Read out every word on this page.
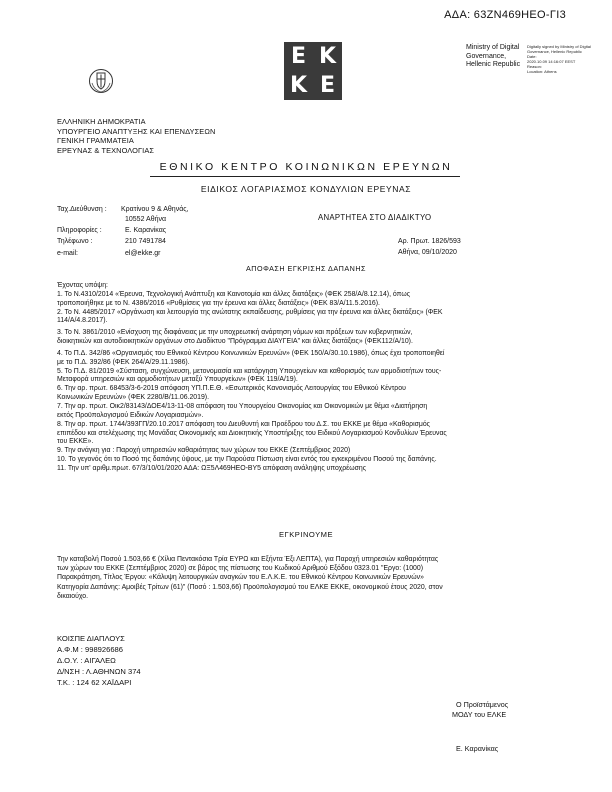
ΑΔΑ: 63ΖΝ469ΗΕΟ-ΓΙ3
E K
K E
Ministry of Digital
Governance,
Hellenic Republic
Digitally signed by Ministry of Digital
Governance, Hellenic Republic
Date:
2020.10.09 14:16:07 EEST
Reason:
Location: Athens
ΕΛΛΗΝΙΚΗ ΔΗΜΟΚΡΑΤΙΑ
ΥΠΟΥΡΓΕΙΟ ΑΝΑΠΤΥΞΗΣ ΚΑΙ ΕΠΕΝΔΥΣΕΩΝ
ΓΕΝΙΚΗ ΓΡΑΜΜΑΤΕΙΑ
ΕΡΕΥΝΑΣ & ΤΕΧΝΟΛΟΓΙΑΣ
ΕΘΝΙΚΟ ΚΕΝΤΡΟ ΚΟΙΝΩΝΙΚΩΝ ΕΡΕΥΝΩΝ
ΕΙΔΙΚΟΣ ΛΟΓΑΡΙΑΣΜΟΣ ΚΟΝΔΥΛΙΩΝ ΕΡΕΥΝΑΣ
Ταχ.Διεύθυνση : Κρατίνου 9 & Αθηνάς,
10552 Αθήνα
Πληροφορίες :	Ε. Καρανίκας
Τηλέφωνο :	210 7491784
e-mail:	el@ekke.gr
ΑΝΑΡΤΗΤΕΑ ΣΤΟ ΔΙΑΔΙΚΤΥΟ
Αρ. Πρωτ. 1826/593
Αθήνα, 09/10/2020
ΑΠΟΦΑΣΗ ΕΓΚΡΙΣΗΣ ΔΑΠΑΝΗΣ

Έχοντας υπόψη:

1. Το Ν.4310/2014 «Έρευνα, Τεχνολογική Ανάπτυξη και Καινοτομία και άλλες διατάξεις» (ΦΕΚ 258/Α/8.12.14), όπως

τροποποιήθηκε με το Ν. 4386/2016 «Ρυθμίσεις για την έρευνα και άλλες διατάξεις» (ΦΕΚ 83/Α/11.5.2016).

2. Το Ν. 4485/2017 «Οργάνωση και λειτουργία της ανώτατης εκπαίδευσης, ρυθμίσεις για την έρευνα και άλλες διατάξεις» (ΦΕΚ

114/Α/4.8.2017).

3. Το Ν. 3861/2010 «Ενίσχυση της διαφάνειας με την υποχρεωτική ανάρτηση νόμων και πράξεων των κυβερνητικών,

διοικητικών και αυτοδιοικητικών οργάνων στο Διαδίκτυο "Πρόγραμμα ΔΙΑΥΓΕΙΑ" και άλλες διατάξεις» (ΦΕΚ112/Α/10).

4. Το Π.Δ. 342/86 «Οργανισμός του Εθνικού Κέντρου Κοινωνικών Ερευνών» (ΦΕΚ 150/Α/30.10.1986), όπως έχει τροποποιηθεί

με το Π.Δ. 392/86 (ΦΕΚ 264/Α/29.11.1986).

5. Το Π.Δ. 81/2019 «Σύσταση, συγχώνευση, μετονομασία και κατάργηση Υπουργείων και καθορισμός των αρμοδιοτήτων τους-

Μεταφορά υπηρεσιών και αρμοδιοτήτων μεταξύ Υπουργείων» (ΦΕΚ 119/Α/19).

6. Την αρ. πρωτ. 68453/3-6-2019 απόφαση ΥΠ.Π.Ε.Θ. «Εσωτερικός Κανονισμός Λειτουργίας του Εθνικού Κέντρου

Κοινωνικών Ερευνών» (ΦΕΚ 2280/Β/11.06.2019).

7. Την αρ. πρωτ. Οικ2/83143/ΔΟΕ4/13-11-08 απόφαση του Υπουργείου Οικονομίας και Οικονομικών με θέμα «Διατήρηση

εκτός Προϋπολογισμού Ειδικών Λογαριασμών».

8. Την αρ. πρωτ. 1744/393ΓΠ/20.10.2017 απόφαση του Διευθυντή και Προέδρου του Δ.Σ. του ΕΚΚΕ με θέμα «Καθορισμός

επιπέδου και στελέχωσης της Μονάδας Οικονομικής και Διοικητικής Υποστήριξης του Ειδικού Λογαριασμού Κονδυλίων Έρευνας

του ΕΚΚΕ».

9. Την ανάγκη για : Παροχή υπηρεσιών καθαριότητας των χώρων του ΕΚΚΕ (Σεπτέμβριος 2020)

10. Το γεγονός ότι το Ποσό της δαπάνης ύψους, με την Παρούσα Πίστωση είναι εντός του εγκεκριμένου Ποσού της δαπάνης.

11. Την υπ' αριθμ.πρωτ. 67/3/10/01/2020 ΑΔΑ: ΩΞ5Λ469ΗΕΟ-ΒΥ5 απόφαση ανάληψης υποχρέωσης

ΕΓΚΡΙΝΟΥΜΕ
Την καταβολή Ποσού 1.503,66 € (Χίλια Πεντακόσια Τρία ΕΥΡΩ και Εξήντα Έξι ΛΕΠΤΑ), για Παροχή υπηρεσιών καθαριότητας
των χώρων του ΕΚΚΕ (Σεπτέμβριος 2020) σε βάρος της πίστωσης του Κωδικού Αριθμού Εξόδου 0323.01 "Εργο: (1000)
Παρακράτηση, Τίτλος Έργου: «Κάλυψη λειτουργικών αναγκών του Ε.Λ.Κ.Ε. του Εθνικού Κέντρου Κοινωνικών Ερευνών»
Κατηγορία Δαπάνης: Αμοιβές Τρίτων (61)" (Ποσό : 1.503,66) Προϋπολογισμού του ΕΛΚΕ ΕΚΚΕ, οικονομικού έτους 2020, στον
δικαιούχο.
ΚΟΙΣΠΕ ΔΙΑΠΛΟΥΣ
Α.Φ.Μ : 998926686
Δ.Ο.Υ. : ΑΙΓΑΛΕΩ
Δ/ΝΣΗ : Λ.ΑΘΗΝΩΝ 374
Τ.Κ. : 124 62 ΧΑΪΔΑΡΙ
Ο Προϊστάμενος
ΜΟΔΥ του ΕΛΚΕ
Ε. Καρανίκας
